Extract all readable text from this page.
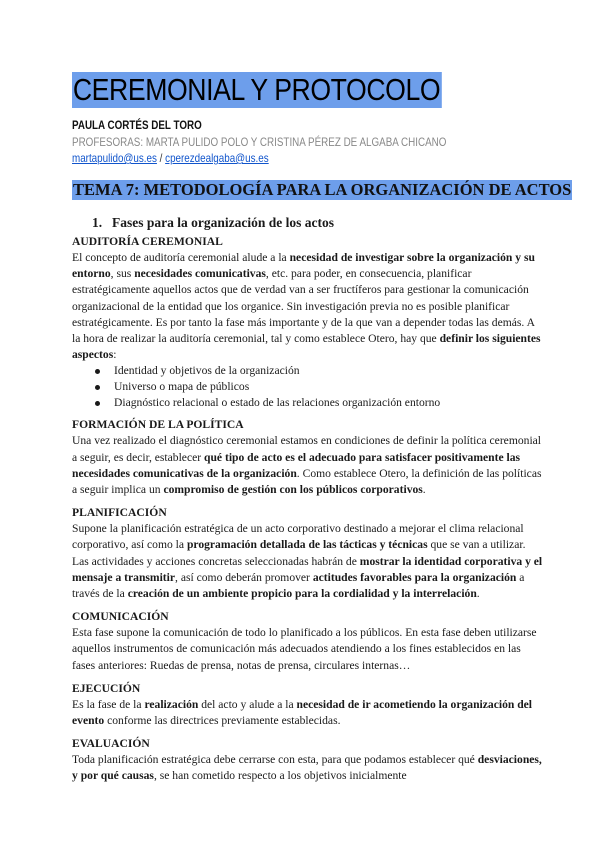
CEREMONIAL Y PROTOCOLO
PAULA CORTÉS DEL TORO
PROFESORAS: MARTA PULIDO POLO Y CRISTINA PÉREZ DE ALGABA CHICANO
martapulido@us.es / cperezdealgaba@us.es
TEMA 7: METODOLOGÍA PARA LA ORGANIZACIÓN DE ACTOS
1. Fases para la organización de los actos
AUDITORÍA CEREMONIAL

El concepto de auditoría ceremonial alude a la necesidad de investigar sobre la organización y su entorno, sus necesidades comunicativas, etc. para poder, en consecuencia, planificar estratégicamente aquellos actos que de verdad van a ser fructíferos para gestionar la comunicación organizacional de la entidad que los organice. Sin investigación previa no es posible planificar estratégicamente. Es por tanto la fase más importante y de la que van a depender todas las demás. A la hora de realizar la auditoría ceremonial, tal y como establece Otero, hay que definir los siguientes aspectos:

Identidad y objetivos de la organización
Universo o mapa de públicos
Diagnóstico relacional o estado de las relaciones organización entorno
FORMACIÓN DE LA POLÍTICA

Una vez realizado el diagnóstico ceremonial estamos en condiciones de definir la política ceremonial a seguir, es decir, establecer qué tipo de acto es el adecuado para satisfacer positivamente las necesidades comunicativas de la organización. Como establece Otero, la definición de las políticas a seguir implica un compromiso de gestión con los públicos corporativos.

PLANIFICACIÓN

Supone la planificación estratégica de un acto corporativo destinado a mejorar el clima relacional corporativo, así como la programación detallada de las tácticas y técnicas que se van a utilizar. Las actividades y acciones concretas seleccionadas habrán de mostrar la identidad corporativa y el mensaje a transmitir, así como deberán promover actitudes favorables para la organización a través de la creación de un ambiente propicio para la cordialidad y la interrelación.

COMUNICACIÓN

Esta fase supone la comunicación de todo lo planificado a los públicos. En esta fase deben utilizarse aquellos instrumentos de comunicación más adecuados atendiendo a los fines establecidos en las fases anteriores: Ruedas de prensa, notas de prensa, circulares internas…

EJECUCIÓN

Es la fase de la realización del acto y alude a la necesidad de ir acometiendo la organización del evento conforme las directrices previamente establecidas.

EVALUACIÓN

Toda planificación estratégica debe cerrarse con esta, para que podamos establecer qué desviaciones, y por qué causas, se han cometido respecto a los objetivos inicialmente
